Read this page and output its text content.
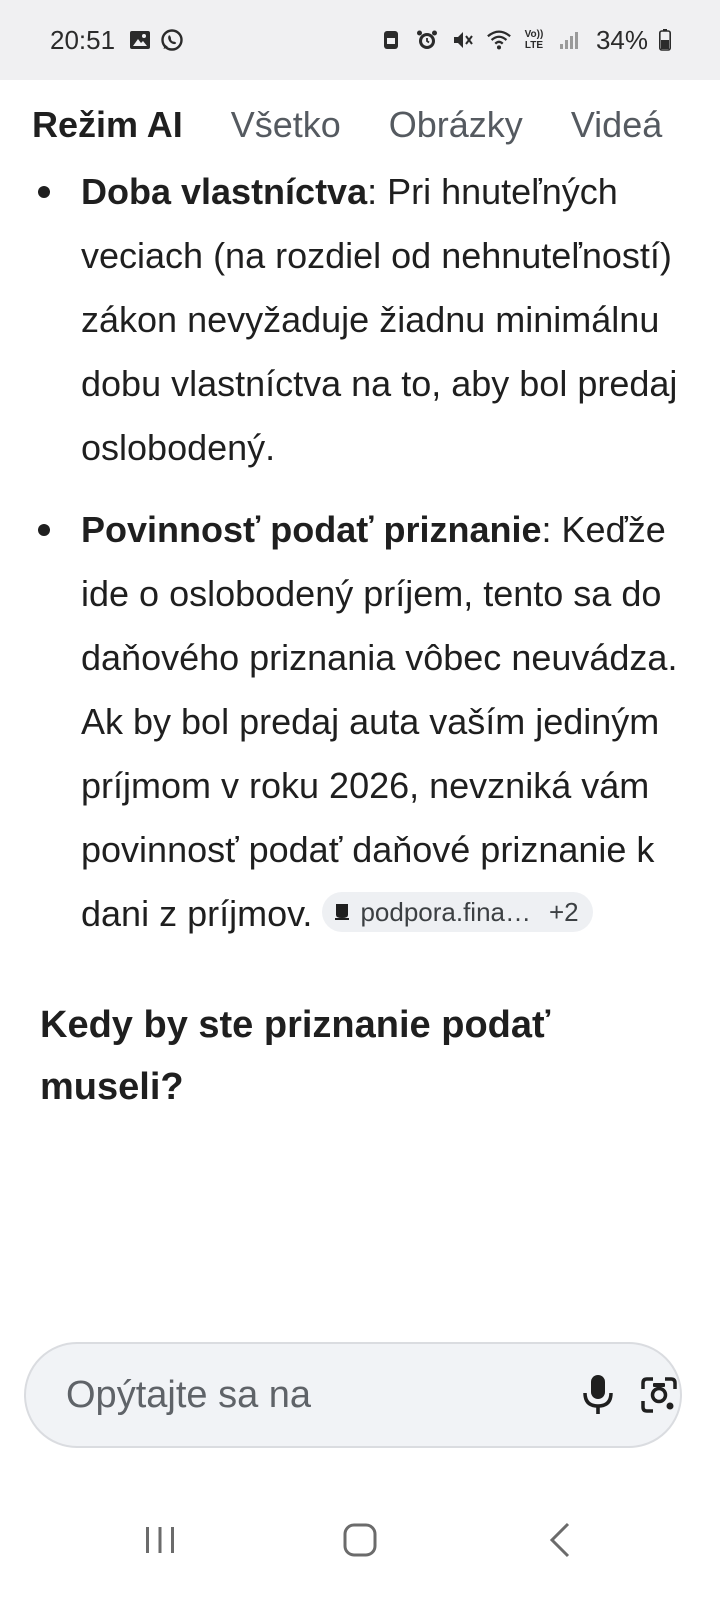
20:51	Vo)) LTE 34%
Režim AI Všetko Obrázky Videá
Doba vlastníctva: Pri hnuteľných veciach (na rozdiel od nehnuteľností) zákon nevyžaduje žiadnu minimálnu dobu vlastníctva na to, aby bol predaj oslobodený.
Povinnosť podať priznanie: Keďže ide o oslobodený príjem, tento sa do daňového priznania vôbec neuvádza. Ak by bol predaj auta vaším jediným príjmom v roku 2026, nevzniká vám povinnosť podať daňové priznanie k dani z príjmov. podpora.fina… +2
Kedy by ste priznanie podať museli?
Opýtajte sa na
